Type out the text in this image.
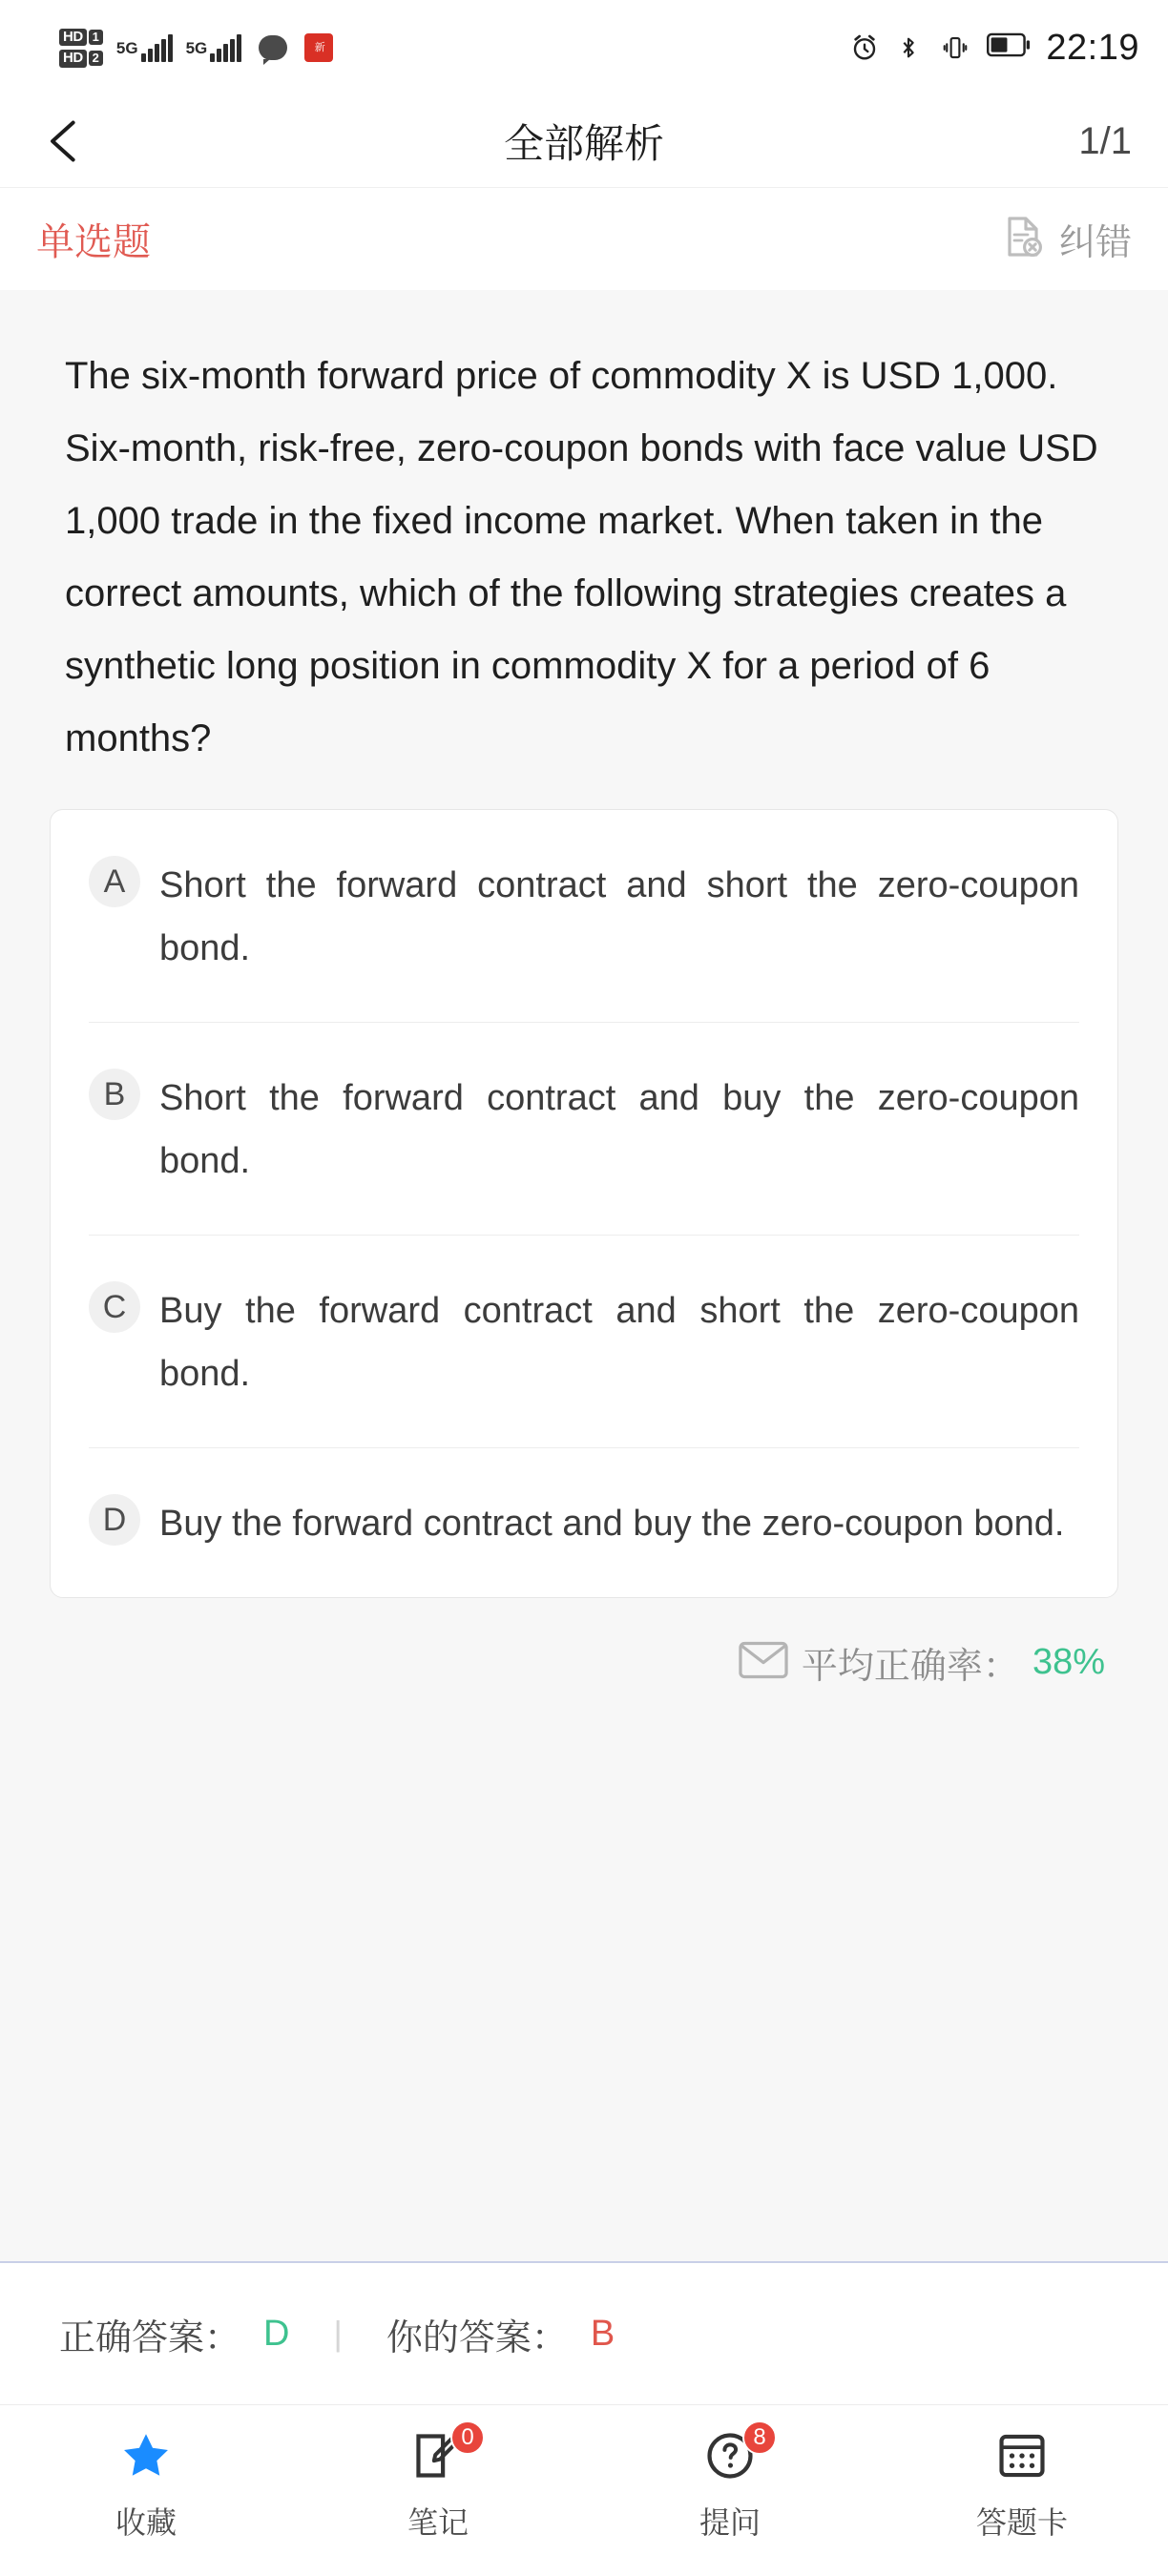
HD 1
HD 2
5G	5G	新	22:19
全部解析	1/1
单选题	纠错
The six-month forward price of commodity X is USD 1,000. Six-month, risk-free, zero-coupon bonds with face value USD 1,000 trade in the fixed income market. When taken in the correct amounts, which of the following strategies creates a synthetic long position in commodity X for a period of 6 months?
A Short the forward contract and short the zero-coupon bond.
B Short the forward contract and buy the zero-coupon bond.
C Buy the forward contract and short the zero-coupon bond.
D Buy the forward contract and buy the zero-coupon bond.
平均正确率： 38%
正确答案： D | 你的答案： B
收藏
0
笔记
8
提问	答题卡
